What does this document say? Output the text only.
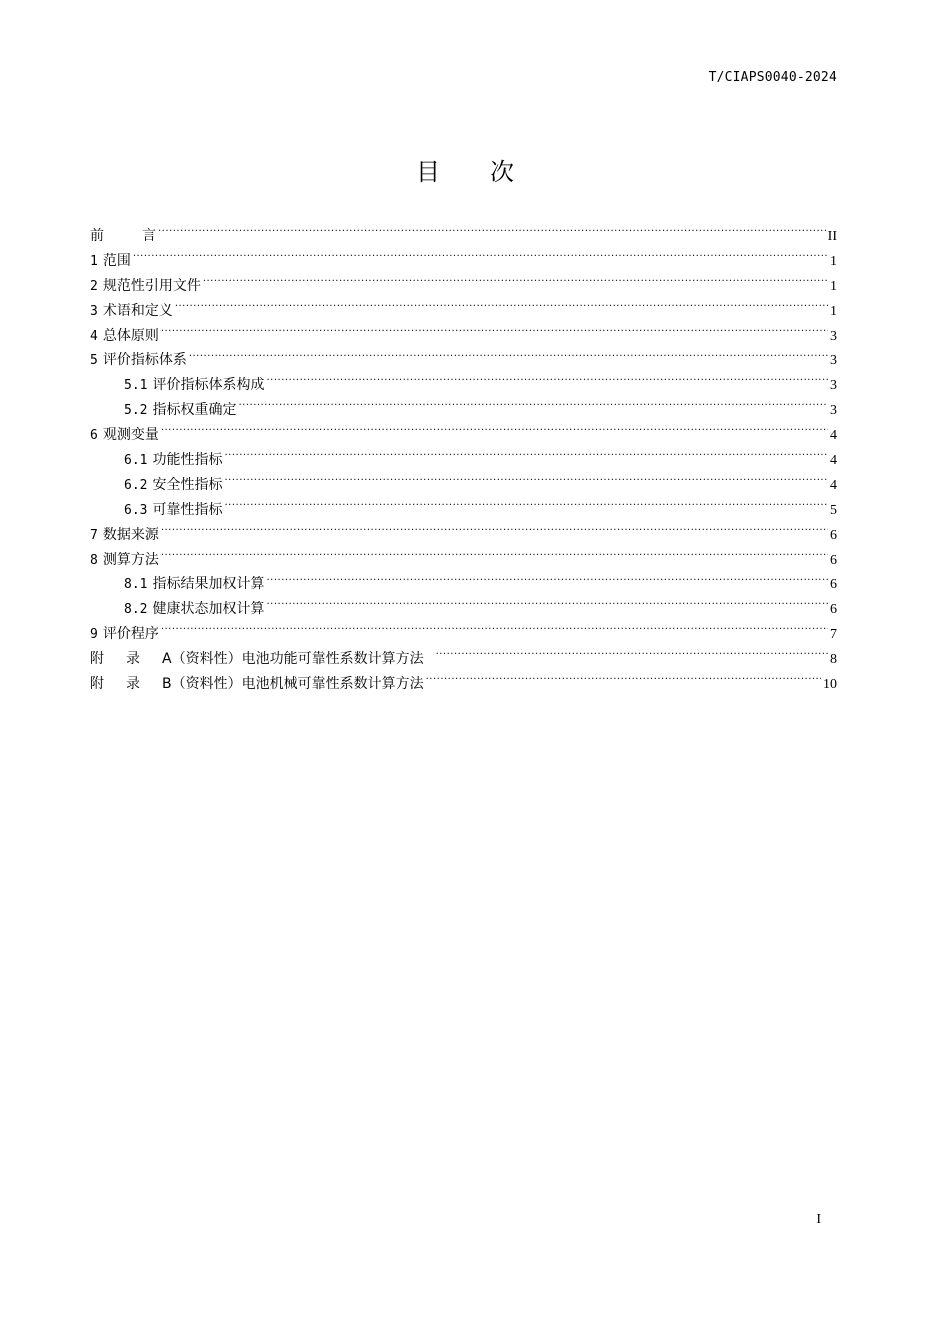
T/CIAPS0040-2024
目 次
前	言 .....	II
1 范围 .....	1
2 规范性引用文件 .....	1
3 术语和定义 .....	1
4 总体原则 .....	3
5 评价指标体系 .....	3
5.1 评价指标体系构成 .....	3
5.2 指标权重确定 .....	3
6 观测变量 .....	4
6.1 功能性指标 .....	4
6.2 安全性指标 .....	4
6.3 可靠性指标 .....	5
7 数据来源 .....	6
8 测算方法 .....	6
8.1 指标结果加权计算 .....	6
8.2 健康状态加权计算 .....	6
9 评价程序 .....	7
附 录 A（资料性）电池功能可靠性系数计算方法 .....	8
附 录 B（资料性）电池机械可靠性系数计算方法 .....	10
I
